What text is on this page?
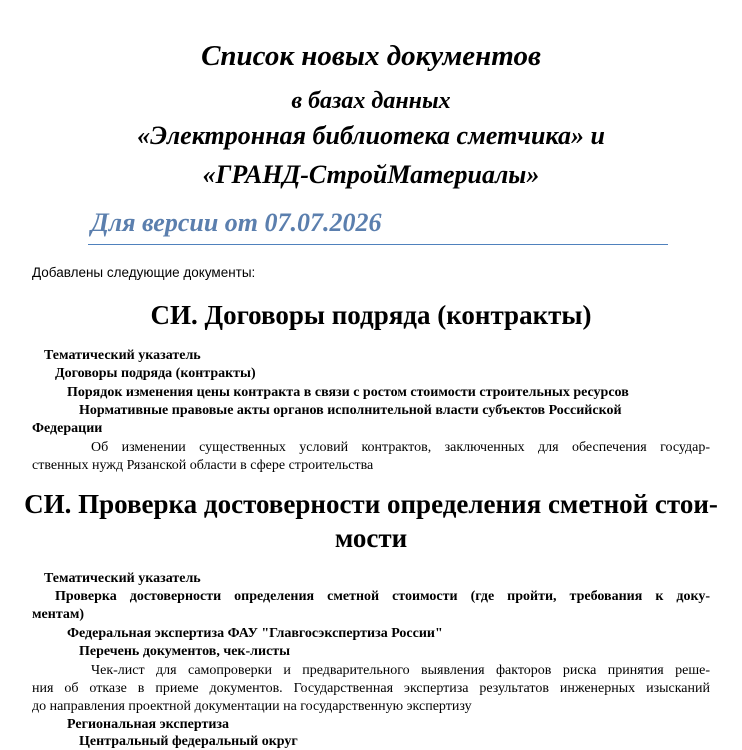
Список новых документов
в базах данных
«Электронная библиотека сметчика» и
«ГРАНД-СтройМатериалы»
Для версии от 07.07.2026
Добавлены следующие документы:
СИ. Договоры подряда (контракты)
Тематический указатель
Договоры подряда (контракты)
Порядок изменения цены контракта в связи с ростом стоимости строительных ресурсов
Нормативные правовые акты органов исполнительной власти субъектов Российской
Федерации
Об изменении существенных условий контрактов, заключенных для обеспечения государ-
ственных нужд Рязанской области в сфере строительства
СИ. Проверка достоверности определения сметной стои-
мости
Тематический указатель
Проверка достоверности определения сметной стоимости (где пройти, требования к доку-
ментам)
Федеральная экспертиза ФАУ "Главгосэкспертиза России"
Перечень документов, чек-листы
Чек-лист для самопроверки и предварительного выявления факторов риска принятия реше-
ния об отказе в приеме документов. Государственная экспертиза результатов инженерных изысканий
до направления проектной документации на государственную экспертизу
Региональная экспертиза
Центральный федеральный округ
